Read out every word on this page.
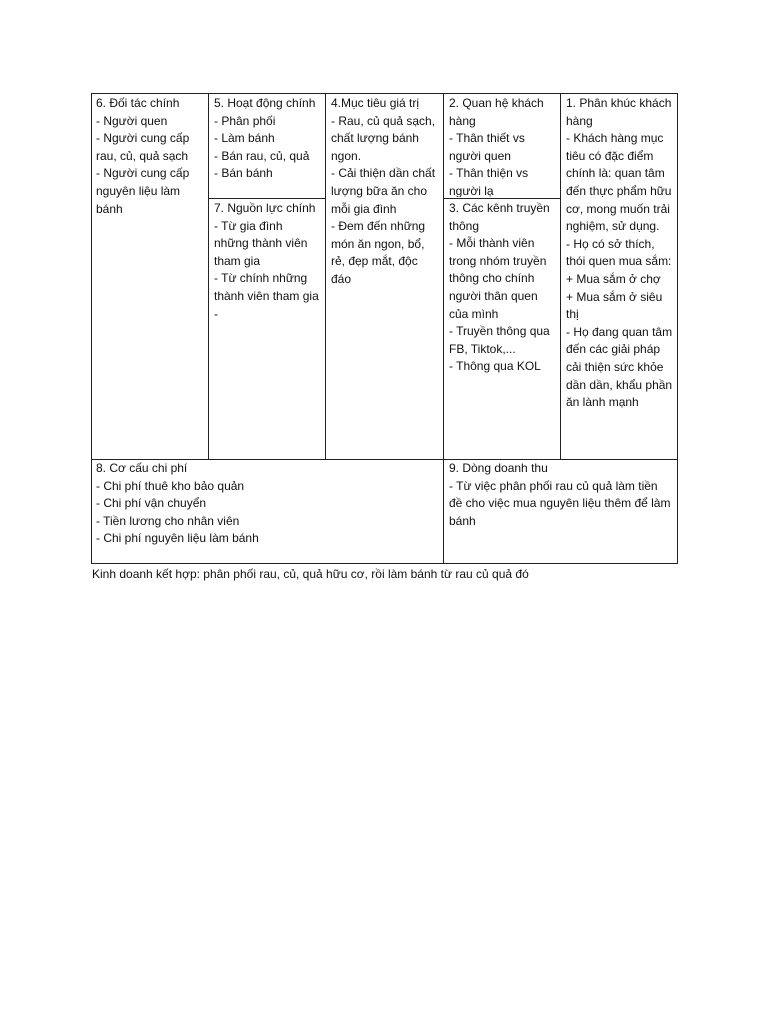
6. Đối tác chính
- Người quen
- Người cung cấp rau, củ, quả sạch
- Người cung cấp nguyên liệu làm bánh
5. Hoạt động chính
- Phân phối
- Làm bánh
- Bán rau, củ, quả
- Bán bánh
7. Nguồn lực chính
- Từ gia đình những thành viên tham gia
- Từ chính những thành viên tham gia
-
4.Mục tiêu giá trị
- Rau, củ quả sạch, chất lượng bánh ngon.
- Cải thiện dần chất lượng bữa ăn cho mỗi gia đình
- Đem đến những món ăn ngon, bổ, rẻ, đẹp mắt, độc đáo
2. Quan hệ khách hàng
- Thân thiết vs người quen
- Thân thiện vs người lạ
3. Các kênh truyền thông
- Mỗi thành viên trong nhóm truyền thông cho chính người thân quen của mình
- Truyền thông qua FB, Tiktok,...
- Thông qua KOL
1. Phân khúc khách hàng
- Khách hàng mục tiêu có đặc điểm chính là: quan tâm đến thực phẩm hữu cơ, mong muốn trải nghiệm, sử dụng.
- Họ có sở thích, thói quen mua sắm:
+ Mua sắm ở chợ
+ Mua sắm ở siêu thị
- Họ đang quan tâm đến các giải pháp cải thiện sức khỏe dần dần, khẩu phần ăn lành mạnh
8. Cơ cấu chi phí
- Chi phí thuê kho bảo quản
- Chi phí vận chuyển
- Tiền lương cho nhân viên
- Chi phí nguyên liệu làm bánh
9. Dòng doanh thu
- Từ việc phân phối rau củ quả làm tiền đề cho việc mua nguyên liệu thêm để làm bánh
Kinh doanh kết hợp: phân phối rau, củ, quả hữu cơ, rồi làm bánh từ rau củ quả đó
